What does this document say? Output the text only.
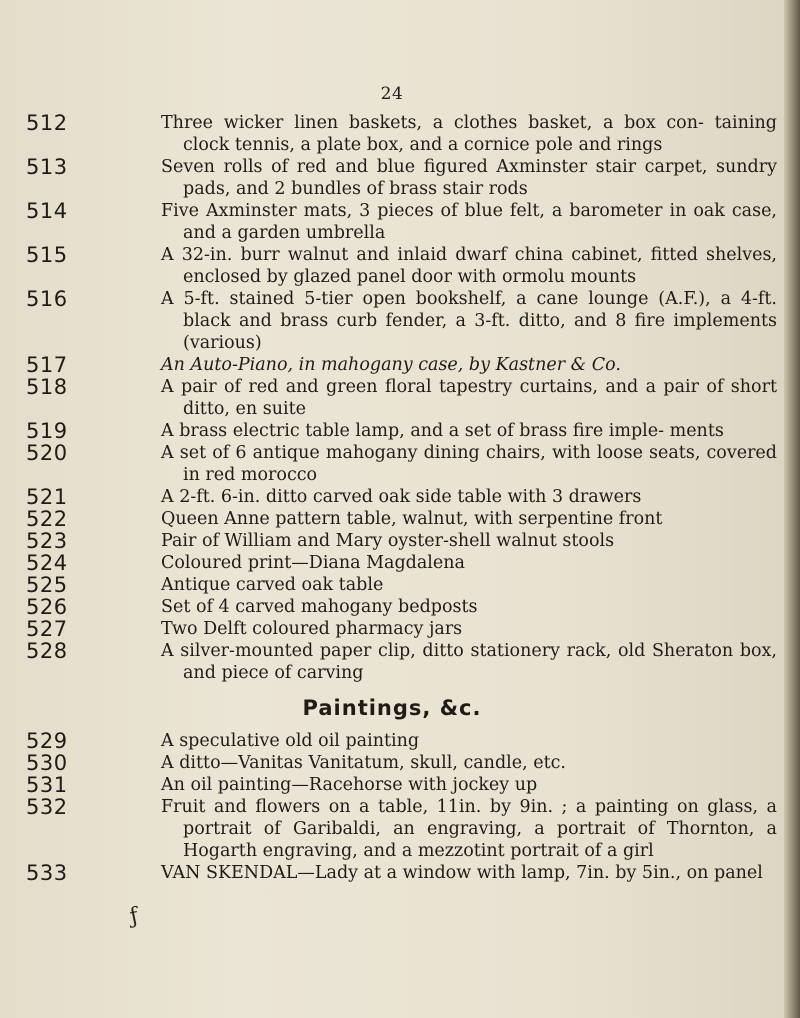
24
512	Three wicker linen baskets, a clothes basket, a box con- taining clock tennis, a plate box, and a cornice pole and rings
513	Seven rolls of red and blue figured Axminster stair carpet, sundry pads, and 2 bundles of brass stair rods
514	Five Axminster mats, 3 pieces of blue felt, a barometer in oak case, and a garden umbrella
515	A 32-in. burr walnut and inlaid dwarf china cabinet, fitted shelves, enclosed by glazed panel door with ormolu mounts
516	A 5-ft. stained 5-tier open bookshelf, a cane lounge (A.F.), a 4-ft. black and brass curb fender, a 3-ft. ditto, and 8 fire implements (various)
517	An Auto-Piano, in mahogany case, by Kastner & Co.
518	A pair of red and green floral tapestry curtains, and a pair of short ditto, en suite
519	A brass electric table lamp, and a set of brass fire imple- ments
520	A set of 6 antique mahogany dining chairs, with loose seats, covered in red morocco
521	A 2-ft. 6-in. ditto carved oak side table with 3 drawers
522	Queen Anne pattern table, walnut, with serpentine front
523	Pair of William and Mary oyster-shell walnut stools
524	Coloured print—Diana Magdalena
525	Antique carved oak table
526	Set of 4 carved mahogany bedposts
527	Two Delft coloured pharmacy jars
528	A silver-mounted paper clip, ditto stationery rack, old Sheraton box, and piece of carving
Paintings, &c.
529	A speculative old oil painting
530	A ditto—Vanitas Vanitatum, skull, candle, etc.
531	An oil painting—Racehorse with jockey up
532	Fruit and flowers on a table, 11in. by 9in. ; a painting on glass, a portrait of Garibaldi, an engraving, a portrait of Thornton, a Hogarth engraving, and a mezzotint portrait of a girl
533	VAN SKENDAL—Lady at a window with lamp, 7in. by 5in., on panel
ƒ
